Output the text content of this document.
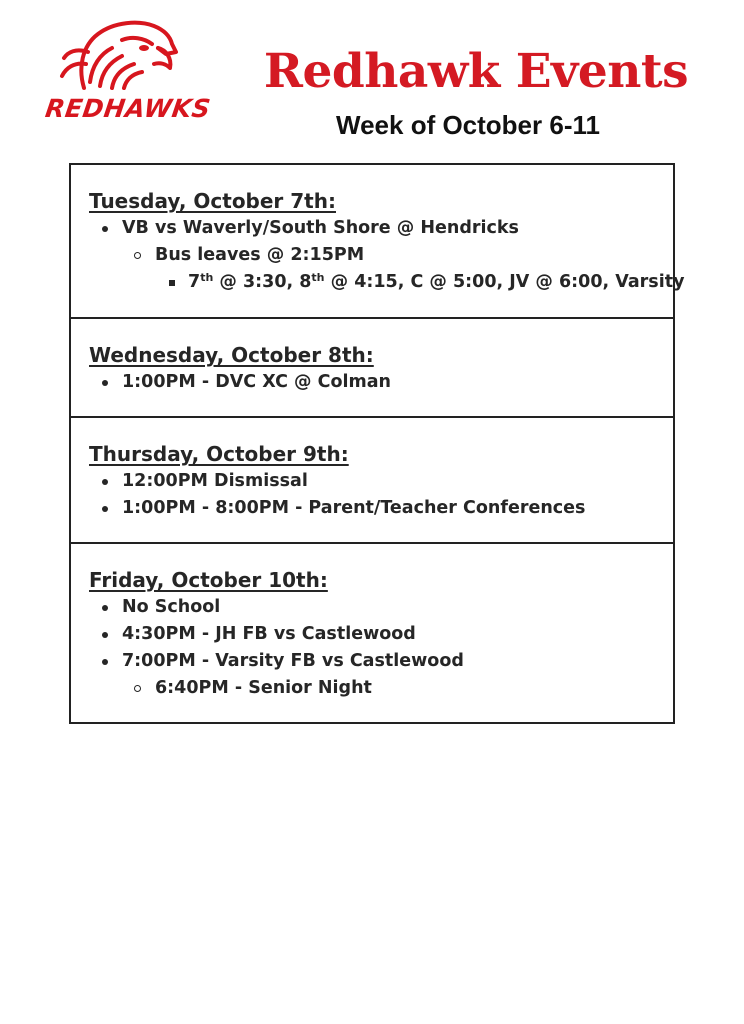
REDHAWKS
Redhawk Events
Week of October 6-11
Tuesday, October 7th:
VB vs Waverly/South Shore @ Hendricks
Bus leaves @ 2:15PM
7th @ 3:30, 8th @ 4:15, C @ 5:00, JV @ 6:00, Varsity
Wednesday, October 8th:
1:00PM - DVC XC @ Colman
Thursday, October 9th:
12:00PM Dismissal
1:00PM - 8:00PM - Parent/Teacher Conferences
Friday, October 10th:
No School
4:30PM - JH FB vs Castlewood
7:00PM - Varsity FB vs Castlewood
6:40PM - Senior Night
